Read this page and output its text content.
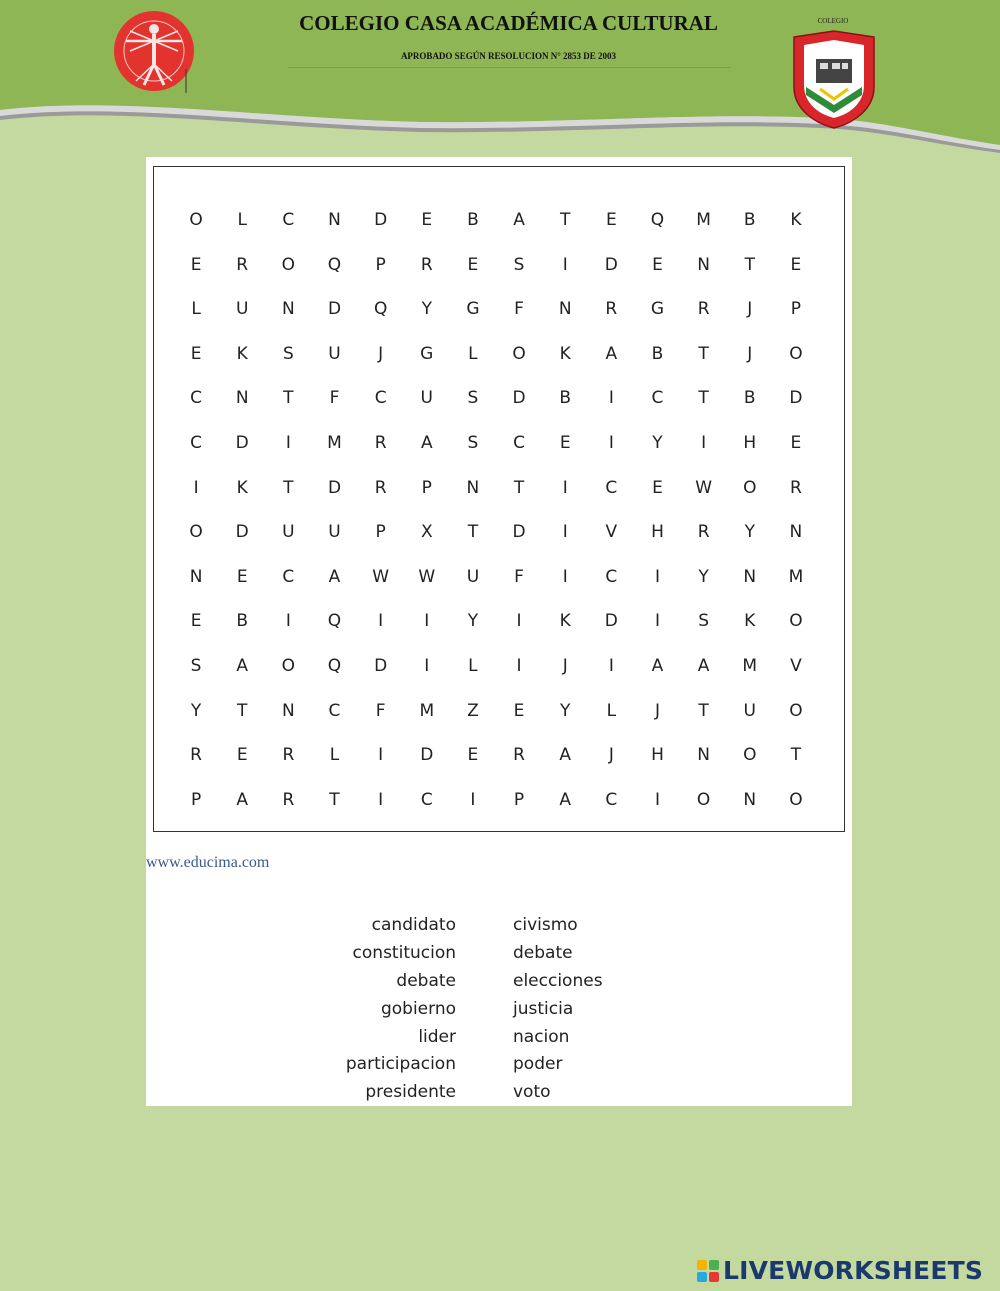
COLEGIO CASA ACADÉMICA CULTURAL
APROBADO SEGÚN RESOLUCION N° 2853 DE 2003
COLEGIO
O	L	C	N	D	E	B	A	T	E	Q	M	B	K
E	R	O	Q	P	R	E	S	I	D	E	N	T	E
L	U	N	D	Q	Y	G	F	N	R	G	R	J	P
E	K	S	U	J	G	L	O	K	A	B	T	J	O
C	N	T	F	C	U	S	D	B	I	C	T	B	D
C	D	I	M	R	A	S	C	E	I	Y	I	H	E
I	K	T	D	R	P	N	T	I	C	E	W	O	R
O	D	U	U	P	X	T	D	I	V	H	R	Y	N
N	E	C	A	W	W	U	F	I	C	I	Y	N	M
E	B	I	Q	I	I	Y	I	K	D	I	S	K	O
S	A	O	Q	D	I	L	I	J	I	A	A	M	V
Y	T	N	C	F	M	Z	E	Y	L	J	T	U	O
R	E	R	L	I	D	E	R	A	J	H	N	O	T
P	A	R	T	I	C	I	P	A	C	I	O	N	O
www.educima.com
candidato
constitucion
debate
gobierno
lider
participacion
presidente
civismo
debate
elecciones
justicia
nacion
poder
voto
LIVEWORKSHEETS
